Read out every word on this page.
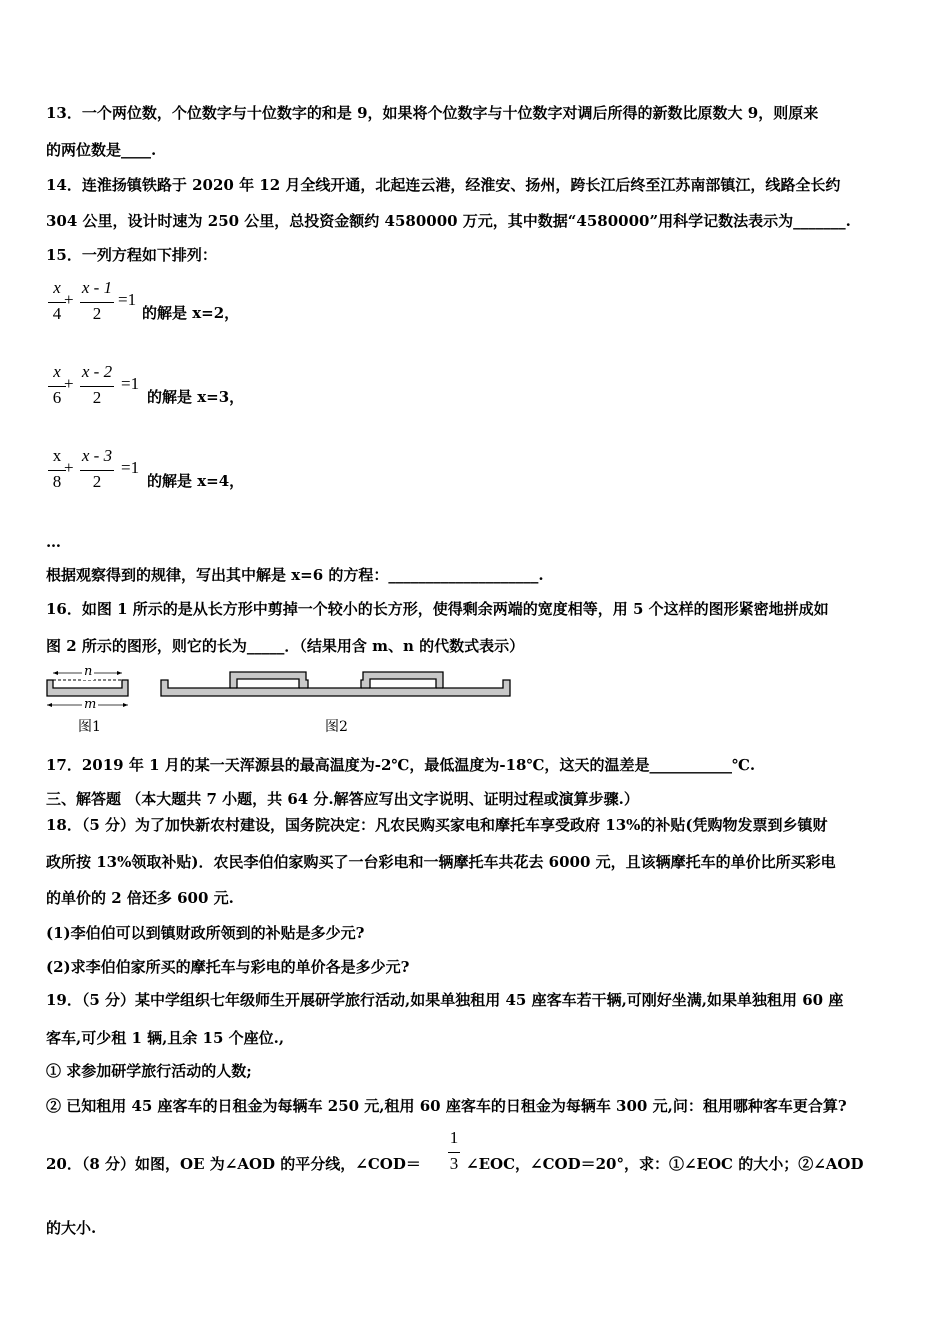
13．一个两位数，个位数字与十位数字的和是 9，如果将个位数字与十位数字对调后所得的新数比原数大 9，则原来
的两位数是____.
14．连淮扬镇铁路于 2020 年 12 月全线开通，北起连云港，经淮安、扬州，跨长江后终至江苏南部镇江，线路全长约
304 公里，设计时速为 250 公里，总投资金额约 4580000 万元，其中数据“4580000”用科学记数法表示为_______.
15．一列方程如下排列：
x
4
+
x - 1
2
=1
的解是 x=2，
x
6
+
x - 2
2
=1
的解是 x=3，
x
8
+
x - 3
2
=1
的解是 x=4，
…
根据观察得到的规律，写出其中解是 x=6 的方程：____________________.
16．如图 1 所示的是从长方形中剪掉一个较小的长方形，使得剩余两端的宽度相等，用 5 个这样的图形紧密地拼成如
图 2 所示的图形，则它的长为_____．（结果用含 m、n 的代数式表示）
n
m
图1	图2
17．2019 年 1 月的某一天浑源县的最高温度为-2℃，最低温度为-18℃，这天的温差是___________℃.
三、解答题 （本大题共 7 小题，共 64 分.解答应写出文字说明、证明过程或演算步骤.）
18．（5 分）为了加快新农村建设，国务院决定：凡农民购买家电和摩托车享受政府 13%的补贴(凭购物发票到乡镇财
政所按 13%领取补贴)．农民李伯伯家购买了一台彩电和一辆摩托车共花去 6000 元，且该辆摩托车的单价比所买彩电
的单价的 2 倍还多 600 元.
(1)李伯伯可以到镇财政所领到的补贴是多少元?
(2)求李伯伯家所买的摩托车与彩电的单价各是多少元?
19．（5 分）某中学组织七年级师生开展研学旅行活动,如果单独租用 45 座客车若干辆,可刚好坐满,如果单独租用 60 座
客车,可少租 1 辆,且余 15 个座位.,
① 求参加研学旅行活动的人数;
② 已知租用 45 座客车的日租金为每辆车 250 元,租用 60 座客车的日租金为每辆车 300 元,问：租用哪种客车更合算?
20．（8 分）如图，OE 为∠AOD 的平分线，∠COD＝
1
3 ∠EOC，∠COD＝20°，求：①∠EOC 的大小；②∠AOD
的大小.
